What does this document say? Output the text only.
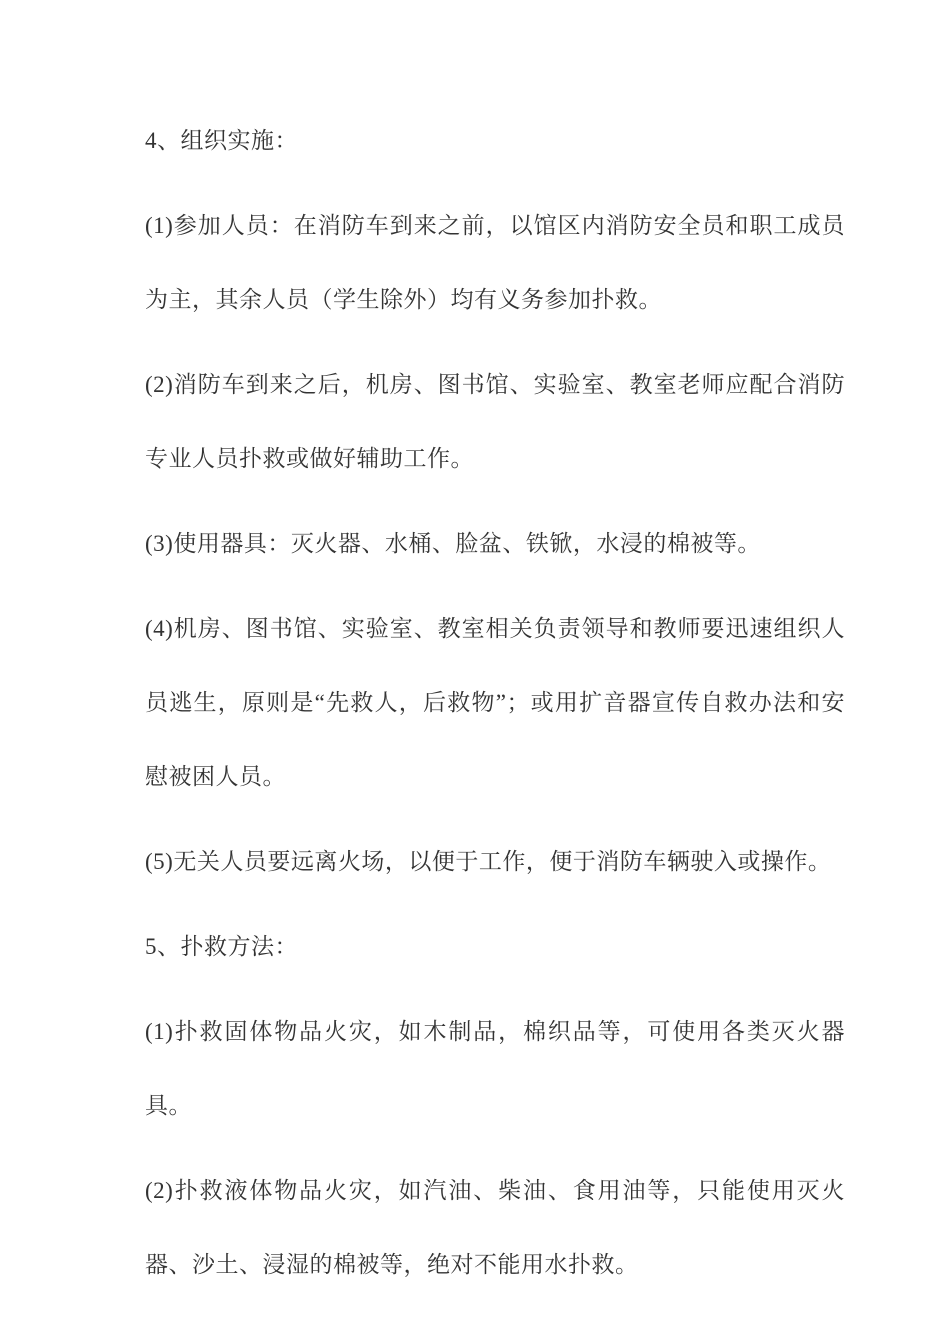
4、组织实施：

(1)参加人员：在消防车到来之前，以馆区内消防安全员和职工成员为主，其余人员（学生除外）均有义务参加扑救。

(2)消防车到来之后，机房、图书馆、实验室、教室老师应配合消防专业人员扑救或做好辅助工作。

(3)使用器具：灭火器、水桶、脸盆、铁锨，水浸的棉被等。

(4)机房、图书馆、实验室、教室相关负责领导和教师要迅速组织人员逃生，原则是“先救人，后救物”；或用扩音器宣传自救办法和安慰被困人员。

(5)无关人员要远离火场，以便于工作，便于消防车辆驶入或操作。

5、扑救方法：

(1)扑救固体物品火灾，如木制品，棉织品等，可使用各类灭火器具。

(2)扑救液体物品火灾，如汽油、柴油、食用油等，只能使用灭火器、沙土、浸湿的棉被等，绝对不能用水扑救。
